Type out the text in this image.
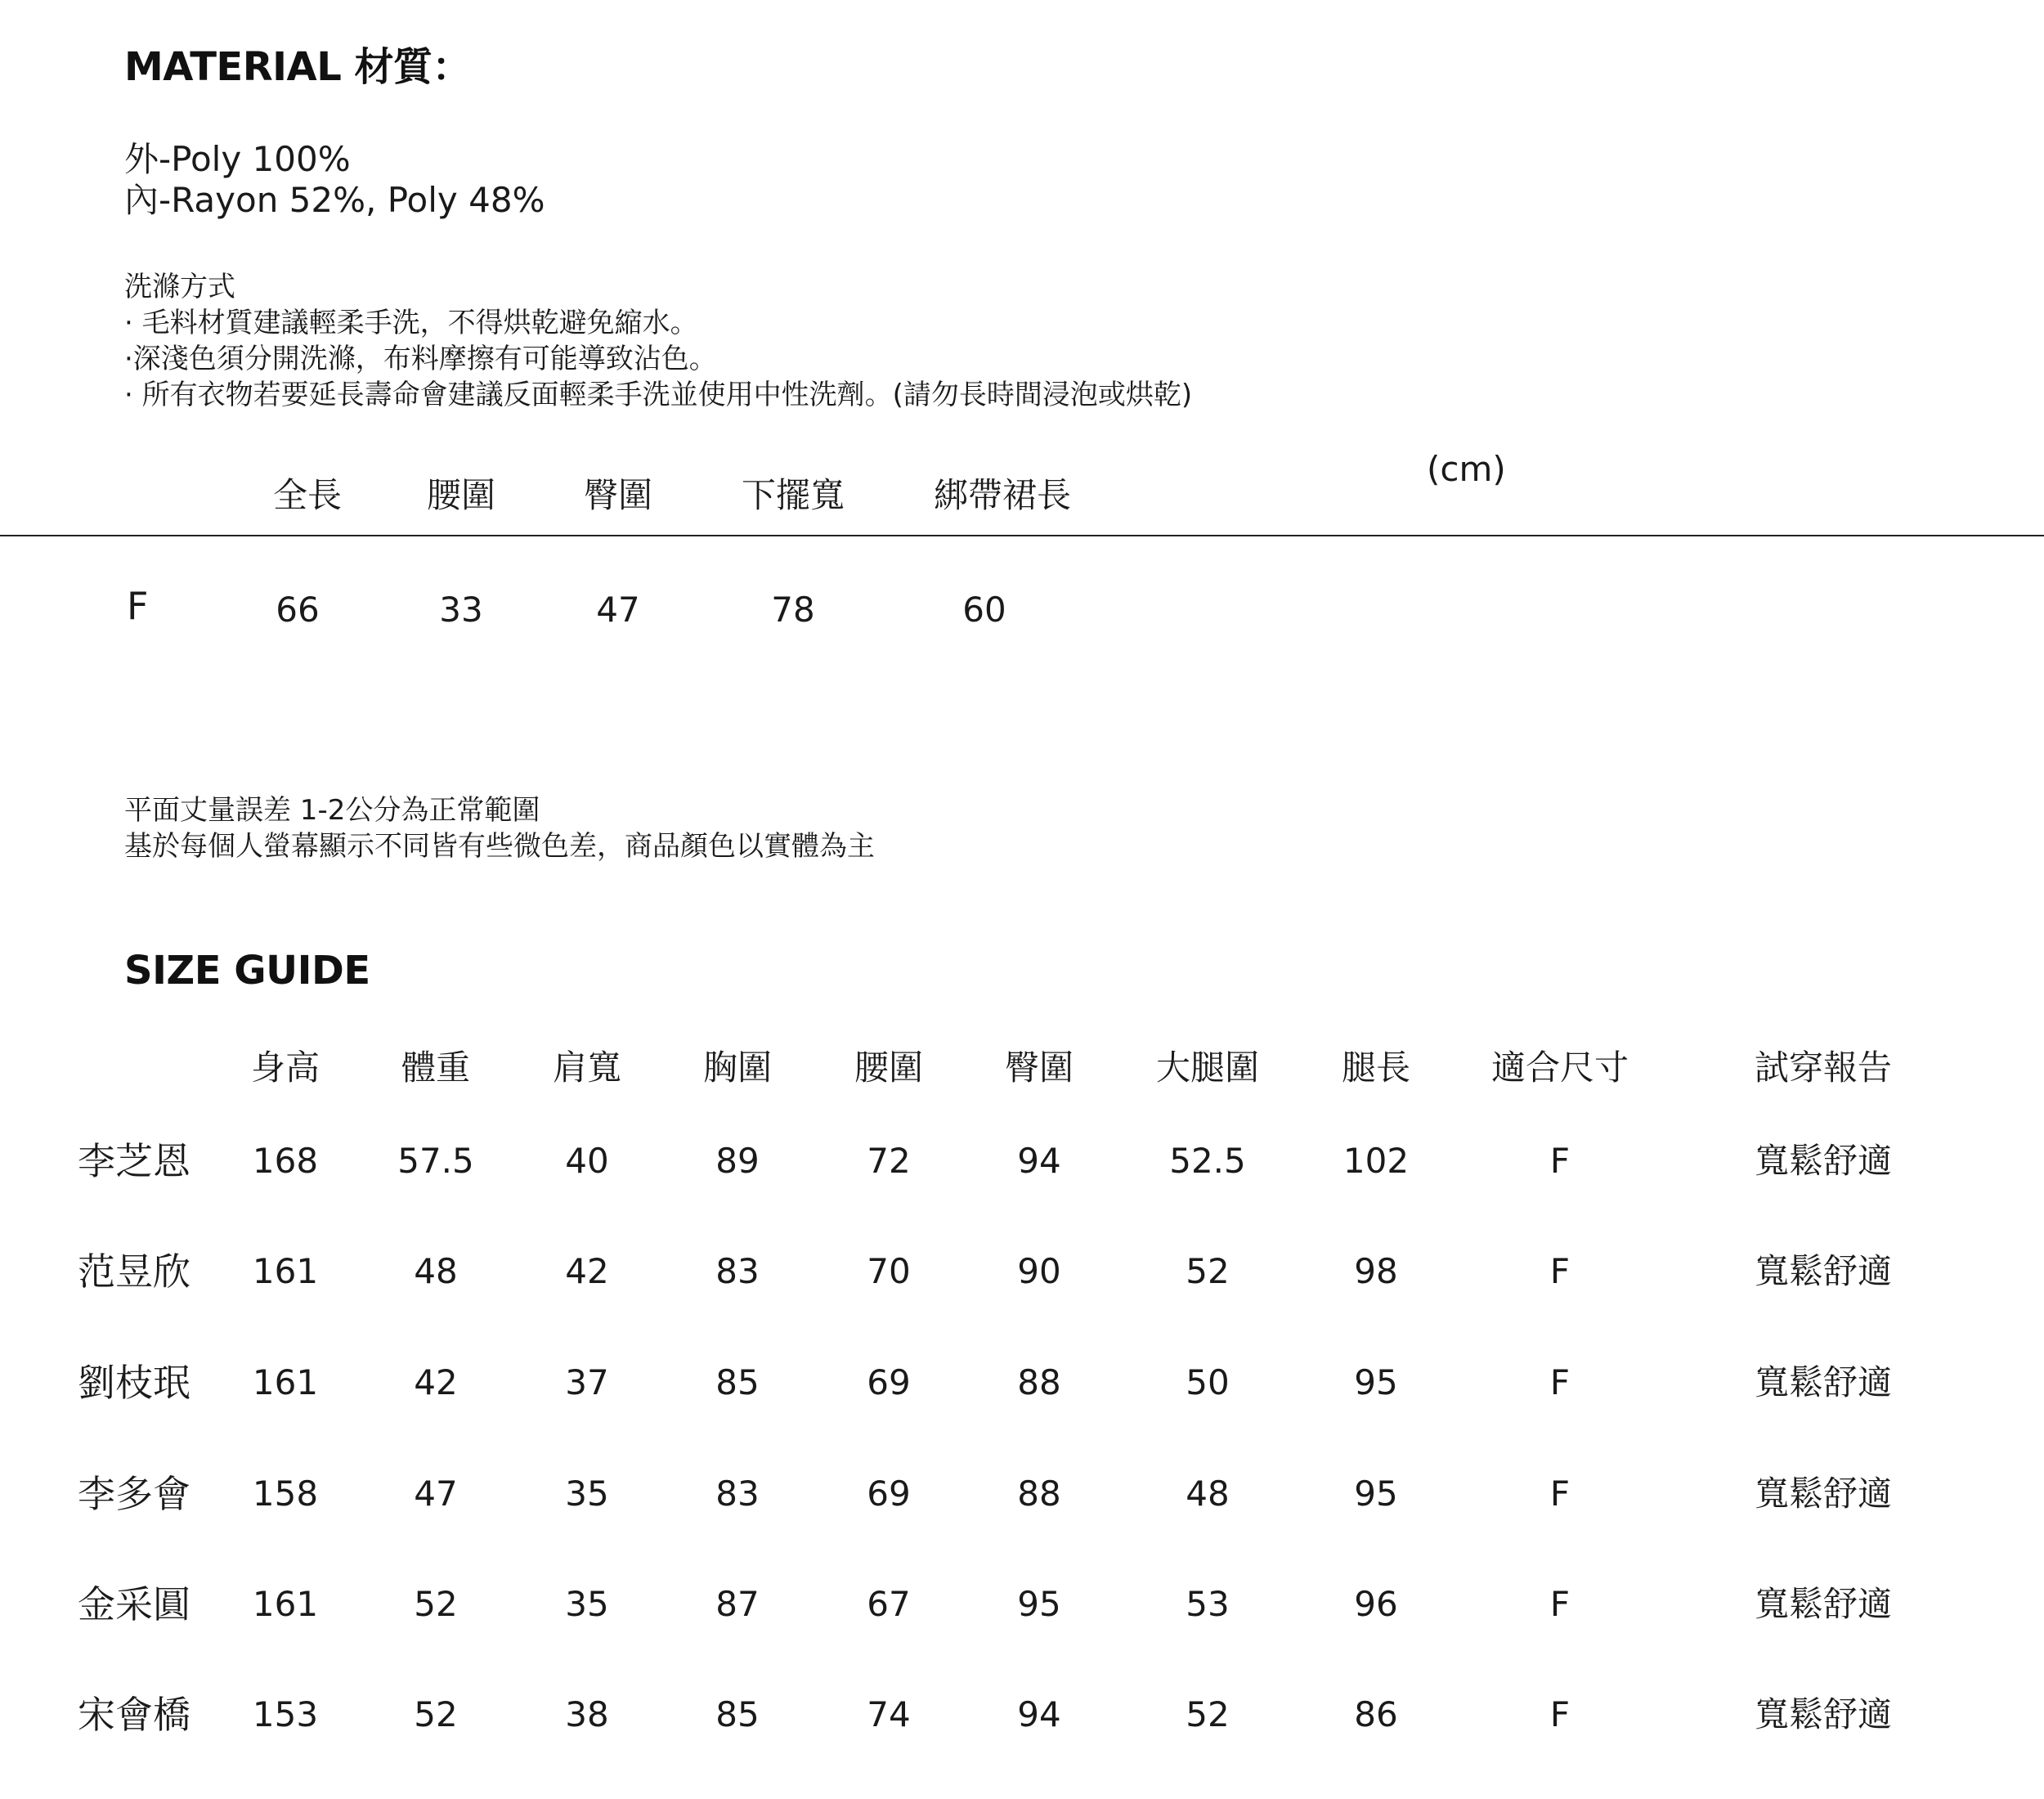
MATERIAL 材質：
外-Poly 100%
內-Rayon 52%, Poly 48%
洗滌方式
· 毛料材質建議輕柔手洗，不得烘乾避免縮水。
·深淺色須分開洗滌，布料摩擦有可能導致沾色。
· 所有衣物若要延長壽命會建議反面輕柔手洗並使用中性洗劑。(請勿長時間浸泡或烘乾)
(cm)
全長 腰圍	臀圍	下擺寬	綁帶裙長
F	66	33	47	78	60
平面丈量誤差 1-2公分為正常範圍
基於每個人螢幕顯示不同皆有些微色差，商品顏色以實體為主
SIZE GUIDE
身高 體重 肩寬 胸圍 腰圍 臀圍 大腿圍 腿長 適合尺寸	試穿報告
李芝恩 168 57.5	40	89	72	94	52.5	102	F	寬鬆舒適
范昱欣 161	48	42	83	70	90	52	98	F	寬鬆舒適
劉枝珉 161	42	37	85	69	88	50	95	F	寬鬆舒適
李多會 158	47	35	83	69	88	48	95	F	寬鬆舒適
金采圓 161	52	35	87	67	95	53	96	F	寬鬆舒適
宋會橋 153	52	38	85	74	94	52	86	F	寬鬆舒適
